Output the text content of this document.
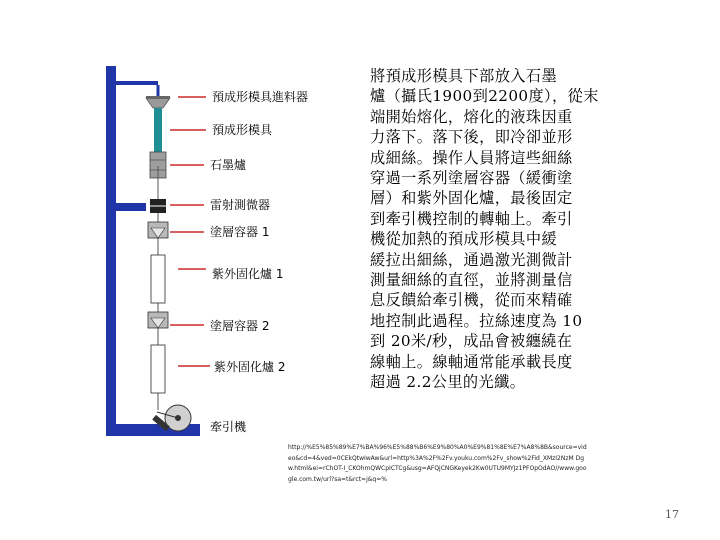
預成形模具進料器
預成形模具
石墨爐
雷射測微器
塗層容器 1
紫外固化爐 1
塗層容器 2
紫外固化爐 2
牽引機
將預成形模具下部放入石墨
爐（攝氏1900到2200度），從末
端開始熔化，熔化的液珠因重
力落下。落下後，即冷卻並形
成細絲。操作人員將這些細絲
穿過一系列塗層容器（緩衝塗
層）和紫外固化爐，最後固定
到牽引機控制的轉軸上。牽引
機從加熱的預成形模具中緩
緩拉出細絲，通過激光測微計
測量細絲的直徑，並將測量信
息反饋給牽引機，從而來精確
地控制此過程。拉絲速度為 10
到 20米/秒，成品會被纏繞在
線軸上。線軸通常能承載長度
超過 2.2公里的光纖。
http://%E5%85%89%E7%BA%96%E5%88%B6%E9%80%A0%E9%81%8E%E7%A8%8B&source=video&cd=4&ved=0CEkQtwIwAw&url=http%3A%2F%2Fv.youku.com%2Fv_show%2Fid_XMzI2NzM Dgw.html&ei=rChOT-I_CKOhmQWCpICTCg&usg=AFQjCNGKeyek2Kw0UTU9MYJz1PFOpOdAO//www.google.com.tw/url?sa=t&rct=j&q=%
17
